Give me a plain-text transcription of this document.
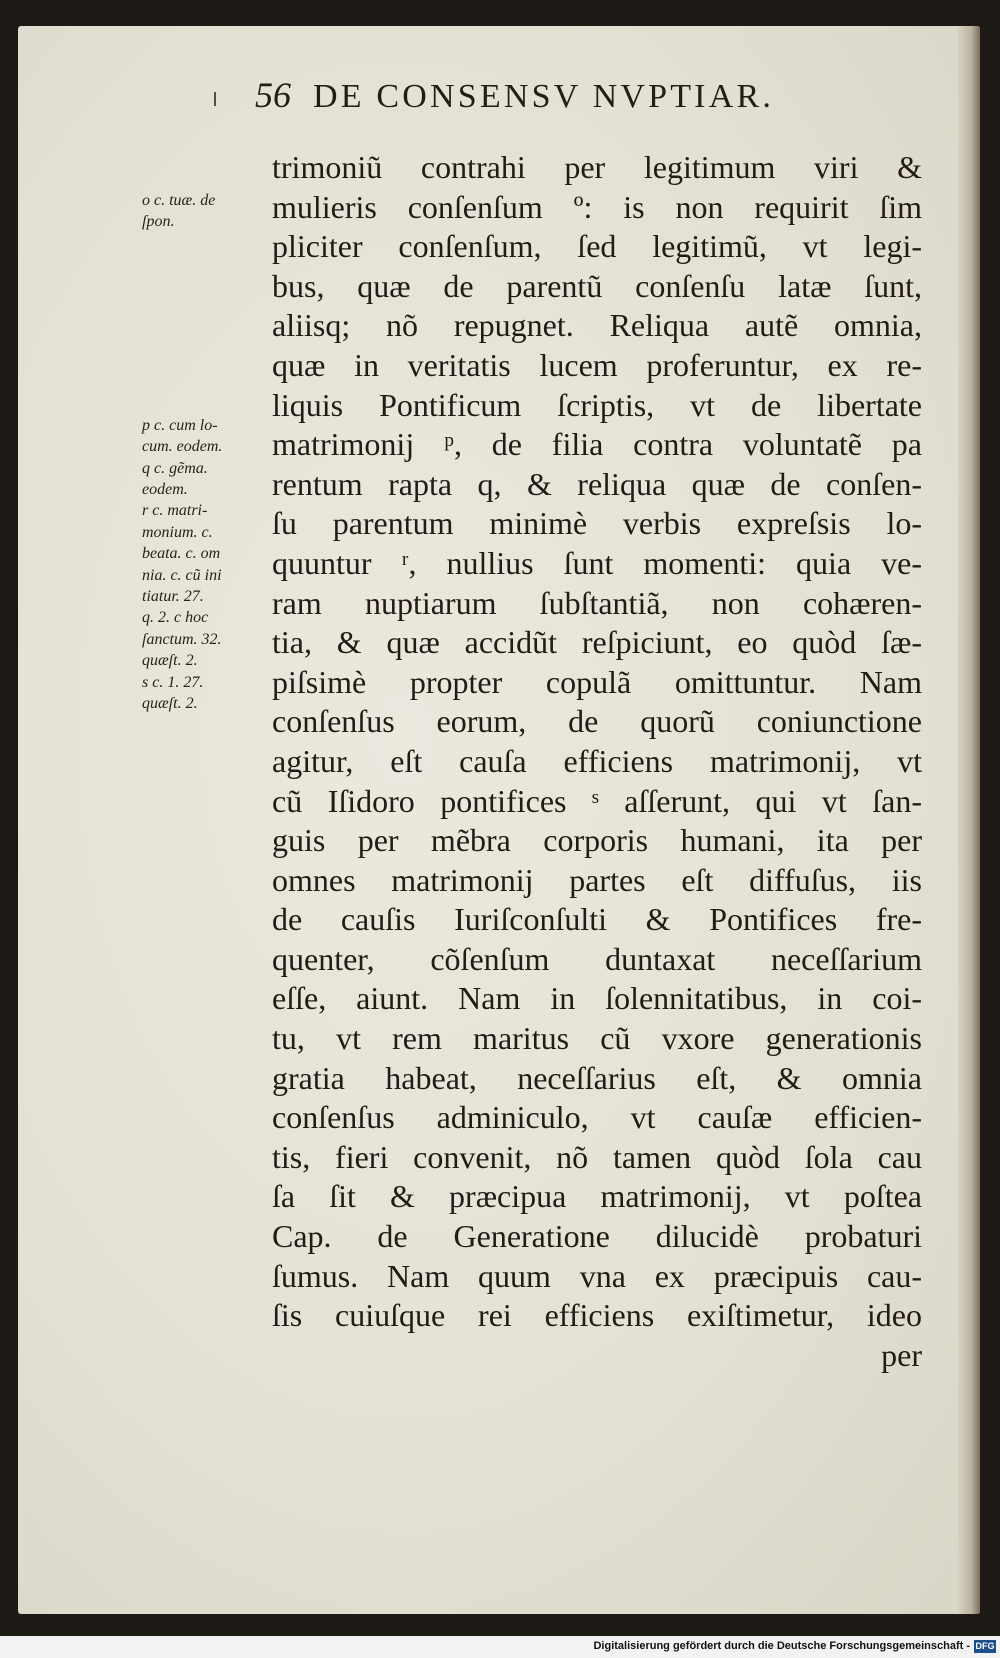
56 DE CONSENSV NVPTIAR.
trimoniũ contrahi per legitimum viri &
mulieris conſenſum º: is non requirit ſim
pliciter conſenſum, ſed legitimũ, vt legi-
bus, quæ de parentũ conſenſu latæ ſunt,
aliisq; nõ repugnet. Reliqua autẽ omnia,
quæ in veritatis lucem proferuntur, ex re-
liquis Pontificum ſcriptis, vt de libertate
matrimonij ᵖ, de filia contra voluntatẽ pa
rentum rapta q, & reliqua quæ de conſen-
ſu parentum minimè verbis expreſsis lo-
quuntur ʳ, nullius ſunt momenti: quia ve-
ram nuptiarum ſubſtantiã, non cohæren-
tia, & quæ accidũt reſpiciunt, eo quòd ſæ-
piſsimè propter copulã omittuntur. Nam
conſenſus eorum, de quorũ coniunctione
agitur, eſt cauſa efficiens matrimonij, vt
cũ Iſidoro pontifices ˢ aſſerunt, qui vt ſan-
guis per mẽbra corporis humani, ita per
omnes matrimonij partes eſt diffuſus, iis
de cauſis Iuriſconſulti & Pontifices fre-
quenter, cõſenſum duntaxat neceſſarium
eſſe, aiunt. Nam in ſolennitatibus, in coi-
tu, vt rem maritus cũ vxore generationis
gratia habeat, neceſſarius eſt, & omnia
conſenſus adminiculo, vt cauſæ efficien-
tis, fieri convenit, nõ tamen quòd ſola cau
ſa ſit & præcipua matrimonij, vt poſtea
Cap. de Generatione dilucidè probaturi
ſumus. Nam quum vna ex præcipuis cau-
ſis cuiuſque rei efficiens exiſtimetur, ideo
per
o c. tuæ. de
ſpon.
p c. cum lo-
cum. eodem.
q c. gẽma.
eodem.
r c. matri-
monium. c.
beata. c. om
nia. c. cũ ini
tiatur. 27.
q. 2. c hoc
ſanctum. 32.
quæſt. 2.
s c. 1. 27.
quæſt. 2.
Digitalisierung gefördert durch die Deutsche Forschungsgemeinschaft - DFG
